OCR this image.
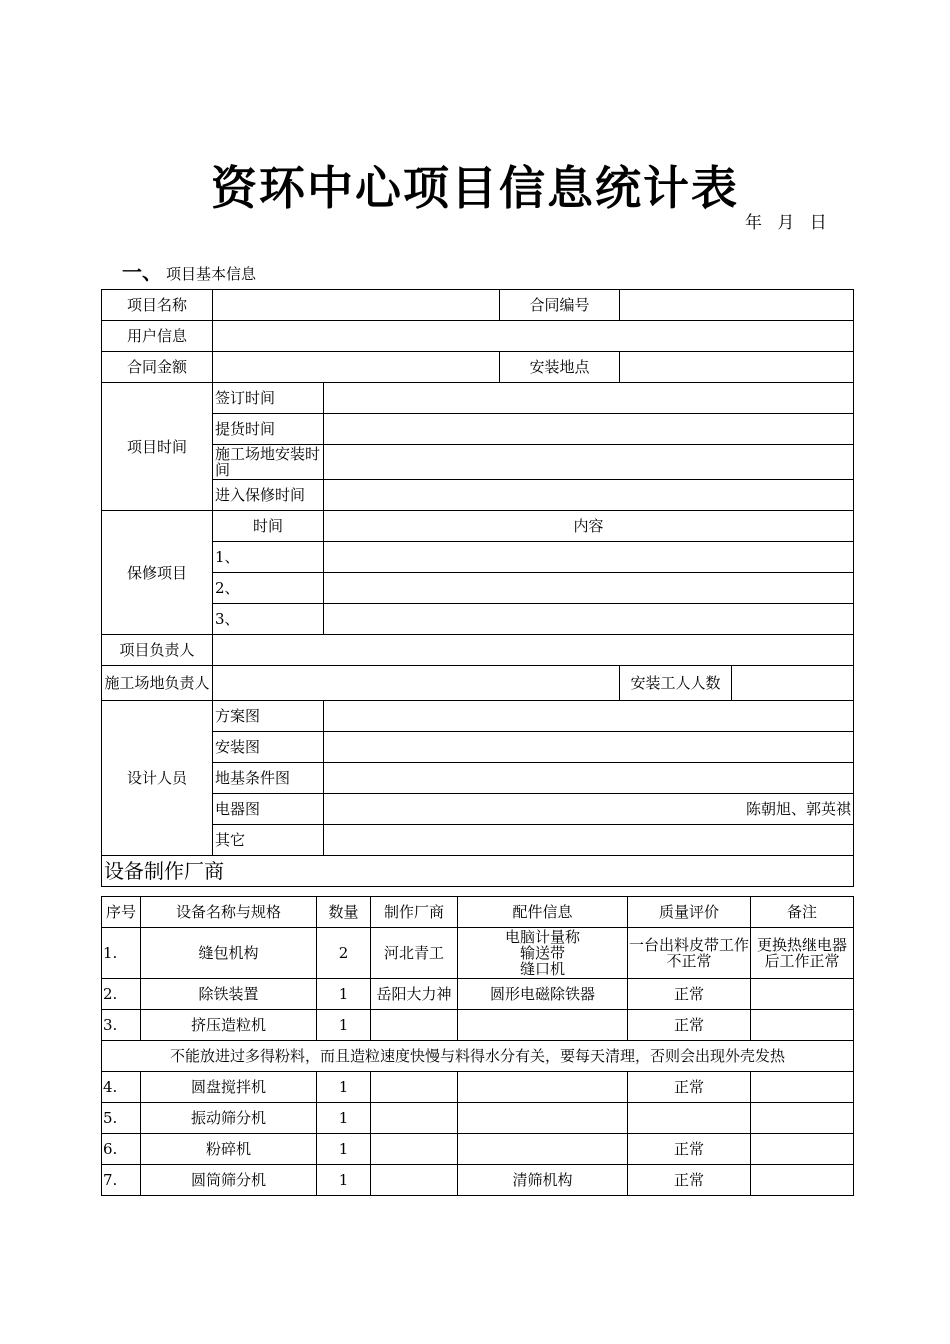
资环中心项目信息统计表
年 月 日
一、 项目基本信息
项目名称			合同编号		
用户信息					
合同金额			安装地点		
项目时间	签订时间				
	提货时间				
	施工场地安装时间				
	进入保修时间				
保修项目	时间	内容			
	1、				
	2、				
	3、				
项目负责人					
施工场地负责人				安装工人人数	
设计人员	方案图				
	安装图				
	地基条件图				
	电器图	陈朝旭、郭英祺			
	其它				
设备制作厂商					
序号	设备名称与规格	数量	制作厂商	配件信息	质量评价	备注
1.	缝包机构	2	河北青工	电脑计量称
输送带
缝口机	一台出料皮带工作不正常	更换热继电器后工作正常
2.	除铁装置	1	岳阳大力神	圆形电磁除铁器	正常	
3.	挤压造粒机	1			正常	
不能放进过多得粉料，而且造粒速度快慢与料得水分有关，要每天清理，否则会出现外壳发热						
4.	圆盘搅拌机	1			正常	
5.	振动筛分机	1				
6.	粉碎机	1			正常	
7.	圆筒筛分机	1		清筛机构	正常	
